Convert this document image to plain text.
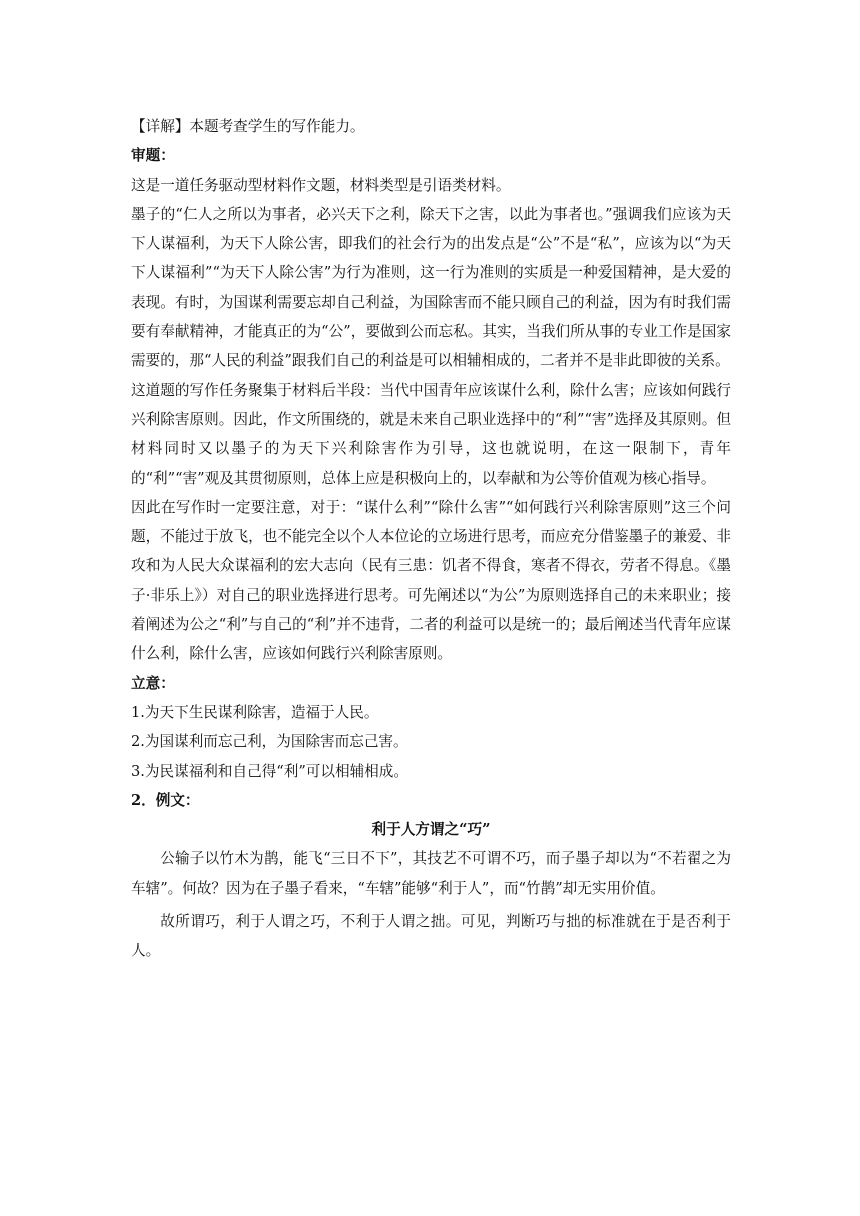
【详解】本题考查学生的写作能力。

审题：

这是一道任务驱动型材料作文题，材料类型是引语类材料。

墨子的“仁人之所以为事者，必兴天下之利，除天下之害，以此为事者也。”强调我们应该为天下人谋福利，为天下人除公害，即我们的社会行为的出发点是“公”不是“私”，应该为以“为天下人谋福利”“为天下人除公害”为行为准则，这一行为准则的实质是一种爱国精神，是大爱的表现。有时，为国谋利需要忘却自己利益，为国除害而不能只顾自己的利益，因为有时我们需要有奉献精神，才能真正的为“公”，要做到公而忘私。其实，当我们所从事的专业工作是国家需要的，那“人民的利益”跟我们自己的利益是可以相辅相成的，二者并不是非此即彼的关系。

这道题的写作任务聚集于材料后半段：当代中国青年应该谋什么利，除什么害；应该如何践行兴利除害原则。因此，作文所围绕的，就是未来自己职业选择中的“利”“害”选择及其原则。但材料同时又以墨子的为天下兴利除害作为引导，这也就说明，在这一限制下，青年的“利”“害”观及其贯彻原则，总体上应是积极向上的，以奉献和为公等价值观为核心指导。

因此在写作时一定要注意，对于：“谋什么利”“除什么害”“如何践行兴利除害原则”这三个问题，不能过于放飞，也不能完全以个人本位论的立场进行思考，而应充分借鉴墨子的兼爱、非攻和为人民大众谋福利的宏大志向（民有三患：饥者不得食，寒者不得衣，劳者不得息。《墨子·非乐上》）对自己的职业选择进行思考。可先阐述以“为公”为原则选择自己的未来职业；接着阐述为公之“利”与自己的“利”并不违背，二者的利益可以是统一的；最后阐述当代青年应谋什么利，除什么害，应该如何践行兴利除害原则。

立意：

1.为天下生民谋利除害，造福于人民。

2.为国谋利而忘己利，为国除害而忘己害。

3.为民谋福利和自己得“利”可以相辅相成。

2．例文：

利于人方谓之“巧”

公输子以竹木为鹊，能飞“三日不下”，其技艺不可谓不巧，而子墨子却以为“不若翟之为车辖”。何故？因为在子墨子看来，“车辖”能够“利于人”，而“竹鹊”却无实用价值。

故所谓巧，利于人谓之巧，不利于人谓之拙。可见，判断巧与拙的标准就在于是否利于人。
